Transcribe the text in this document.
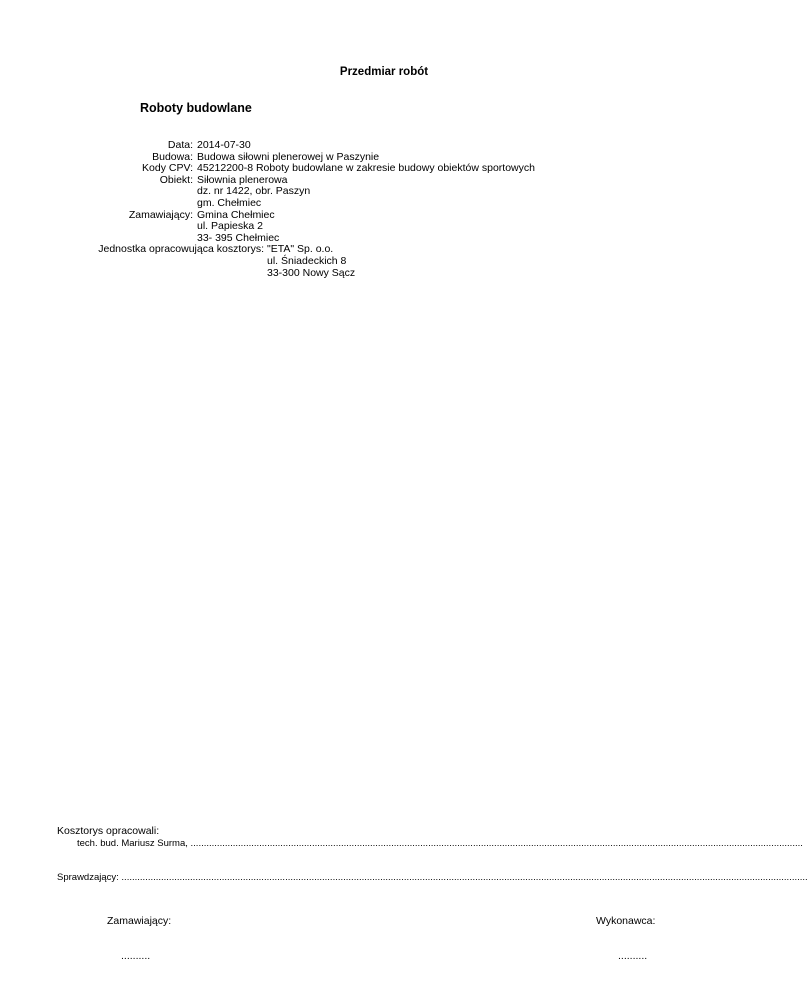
Przedmiar robót
Roboty budowlane
Data: 2014-07-30
Budowa: Budowa siłowni plenerowej w Paszynie
Kody CPV: 45212200-8 Roboty budowlane w zakresie budowy obiektów sportowych
Obiekt: Siłownia plenerowa
dz. nr 1422, obr. Paszyn
gm. Chełmiec
Zamawiający: Gmina Chełmiec
ul. Papieska 2
33- 395 Chełmiec
Jednostka opracowująca kosztorys: "ETA" Sp. o.o.
ul. Śniadeckich 8
33-300 Nowy Sącz
Kosztorys opracowali:
tech. bud. Mariusz Surma, ........................................................................................................................................................................................................................................
Sprawdzający: ....................................................................................................................................................................................................................................................................
Zamawiający:	Wykonawca:
..........	..........
